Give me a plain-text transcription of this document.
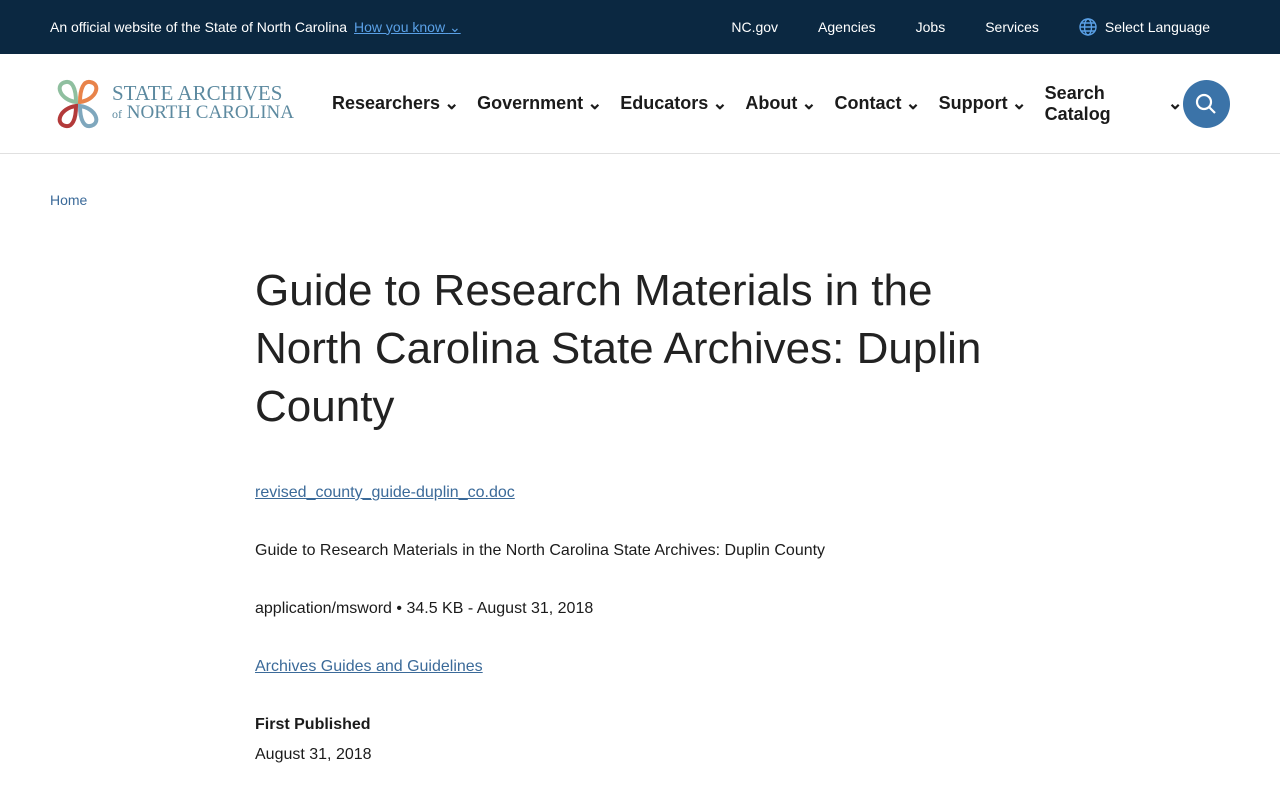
An official website of the State of North Carolina How you know ⌄	NC.gov	Agencies	Jobs	Services	Select Language
STATE ARCHIVES
of NORTH CAROLINA Researchers ⌄ Government ⌄ Educators ⌄ About ⌄ Contact ⌄ Support ⌄
Search Catalog
⌄
Home
Guide to Research Materials in the North Carolina State Archives: Duplin County
revised_county_guide-duplin_co.doc
Guide to Research Materials in the North Carolina State Archives: Duplin County
application/msword • 34.5 KB - August 31, 2018
Archives Guides and Guidelines
First Published
August 31, 2018
